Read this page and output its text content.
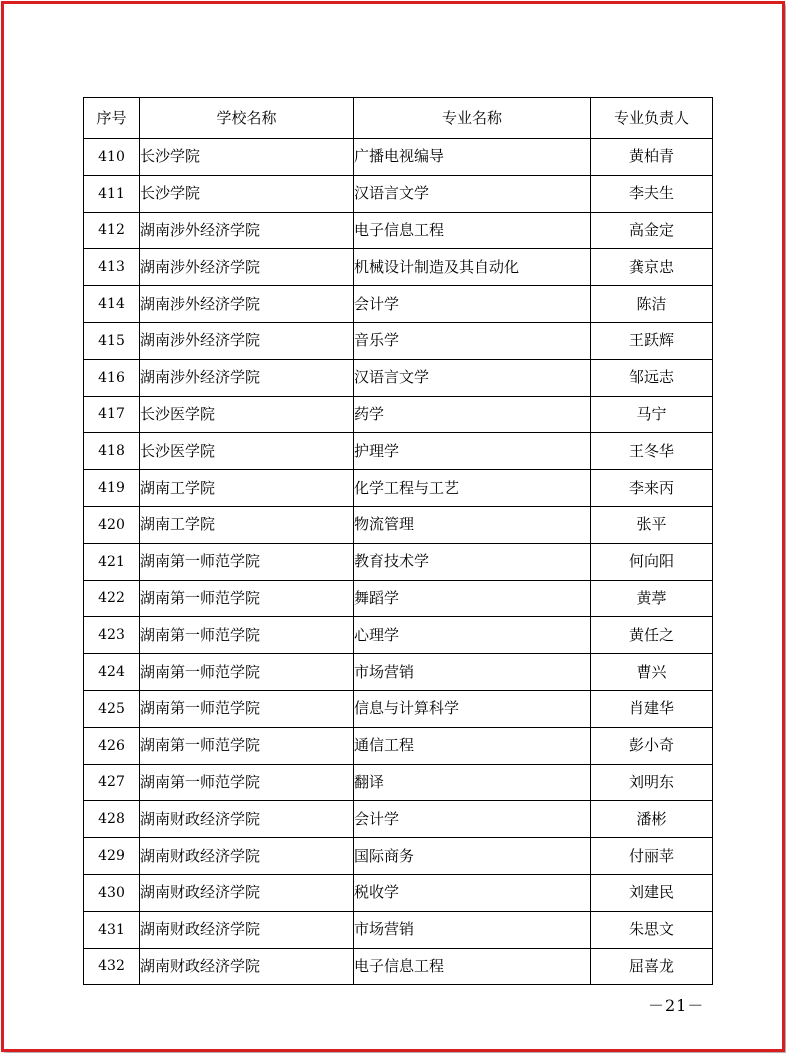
序号	学校名称	专业名称	专业负责人
410	长沙学院	广播电视编导	黄柏青
411	长沙学院	汉语言文学	李夫生
412	湖南涉外经济学院	电子信息工程	高金定
413	湖南涉外经济学院	机械设计制造及其自动化	龚京忠
414	湖南涉外经济学院	会计学	陈洁
415	湖南涉外经济学院	音乐学	王跃辉
416	湖南涉外经济学院	汉语言文学	邹远志
417	长沙医学院	药学	马宁
418	长沙医学院	护理学	王冬华
419	湖南工学院	化学工程与工艺	李来丙
420	湖南工学院	物流管理	张平
421	湖南第一师范学院	教育技术学	何向阳
422	湖南第一师范学院	舞蹈学	黄葶
423	湖南第一师范学院	心理学	黄任之
424	湖南第一师范学院	市场营销	曹兴
425	湖南第一师范学院	信息与计算科学	肖建华
426	湖南第一师范学院	通信工程	彭小奇
427	湖南第一师范学院	翻译	刘明东
428	湖南财政经济学院	会计学	潘彬
429	湖南财政经济学院	国际商务	付丽苹
430	湖南财政经济学院	税收学	刘建民
431	湖南财政经济学院	市场营销	朱思文
432	湖南财政经济学院	电子信息工程	屈喜龙
－21－
